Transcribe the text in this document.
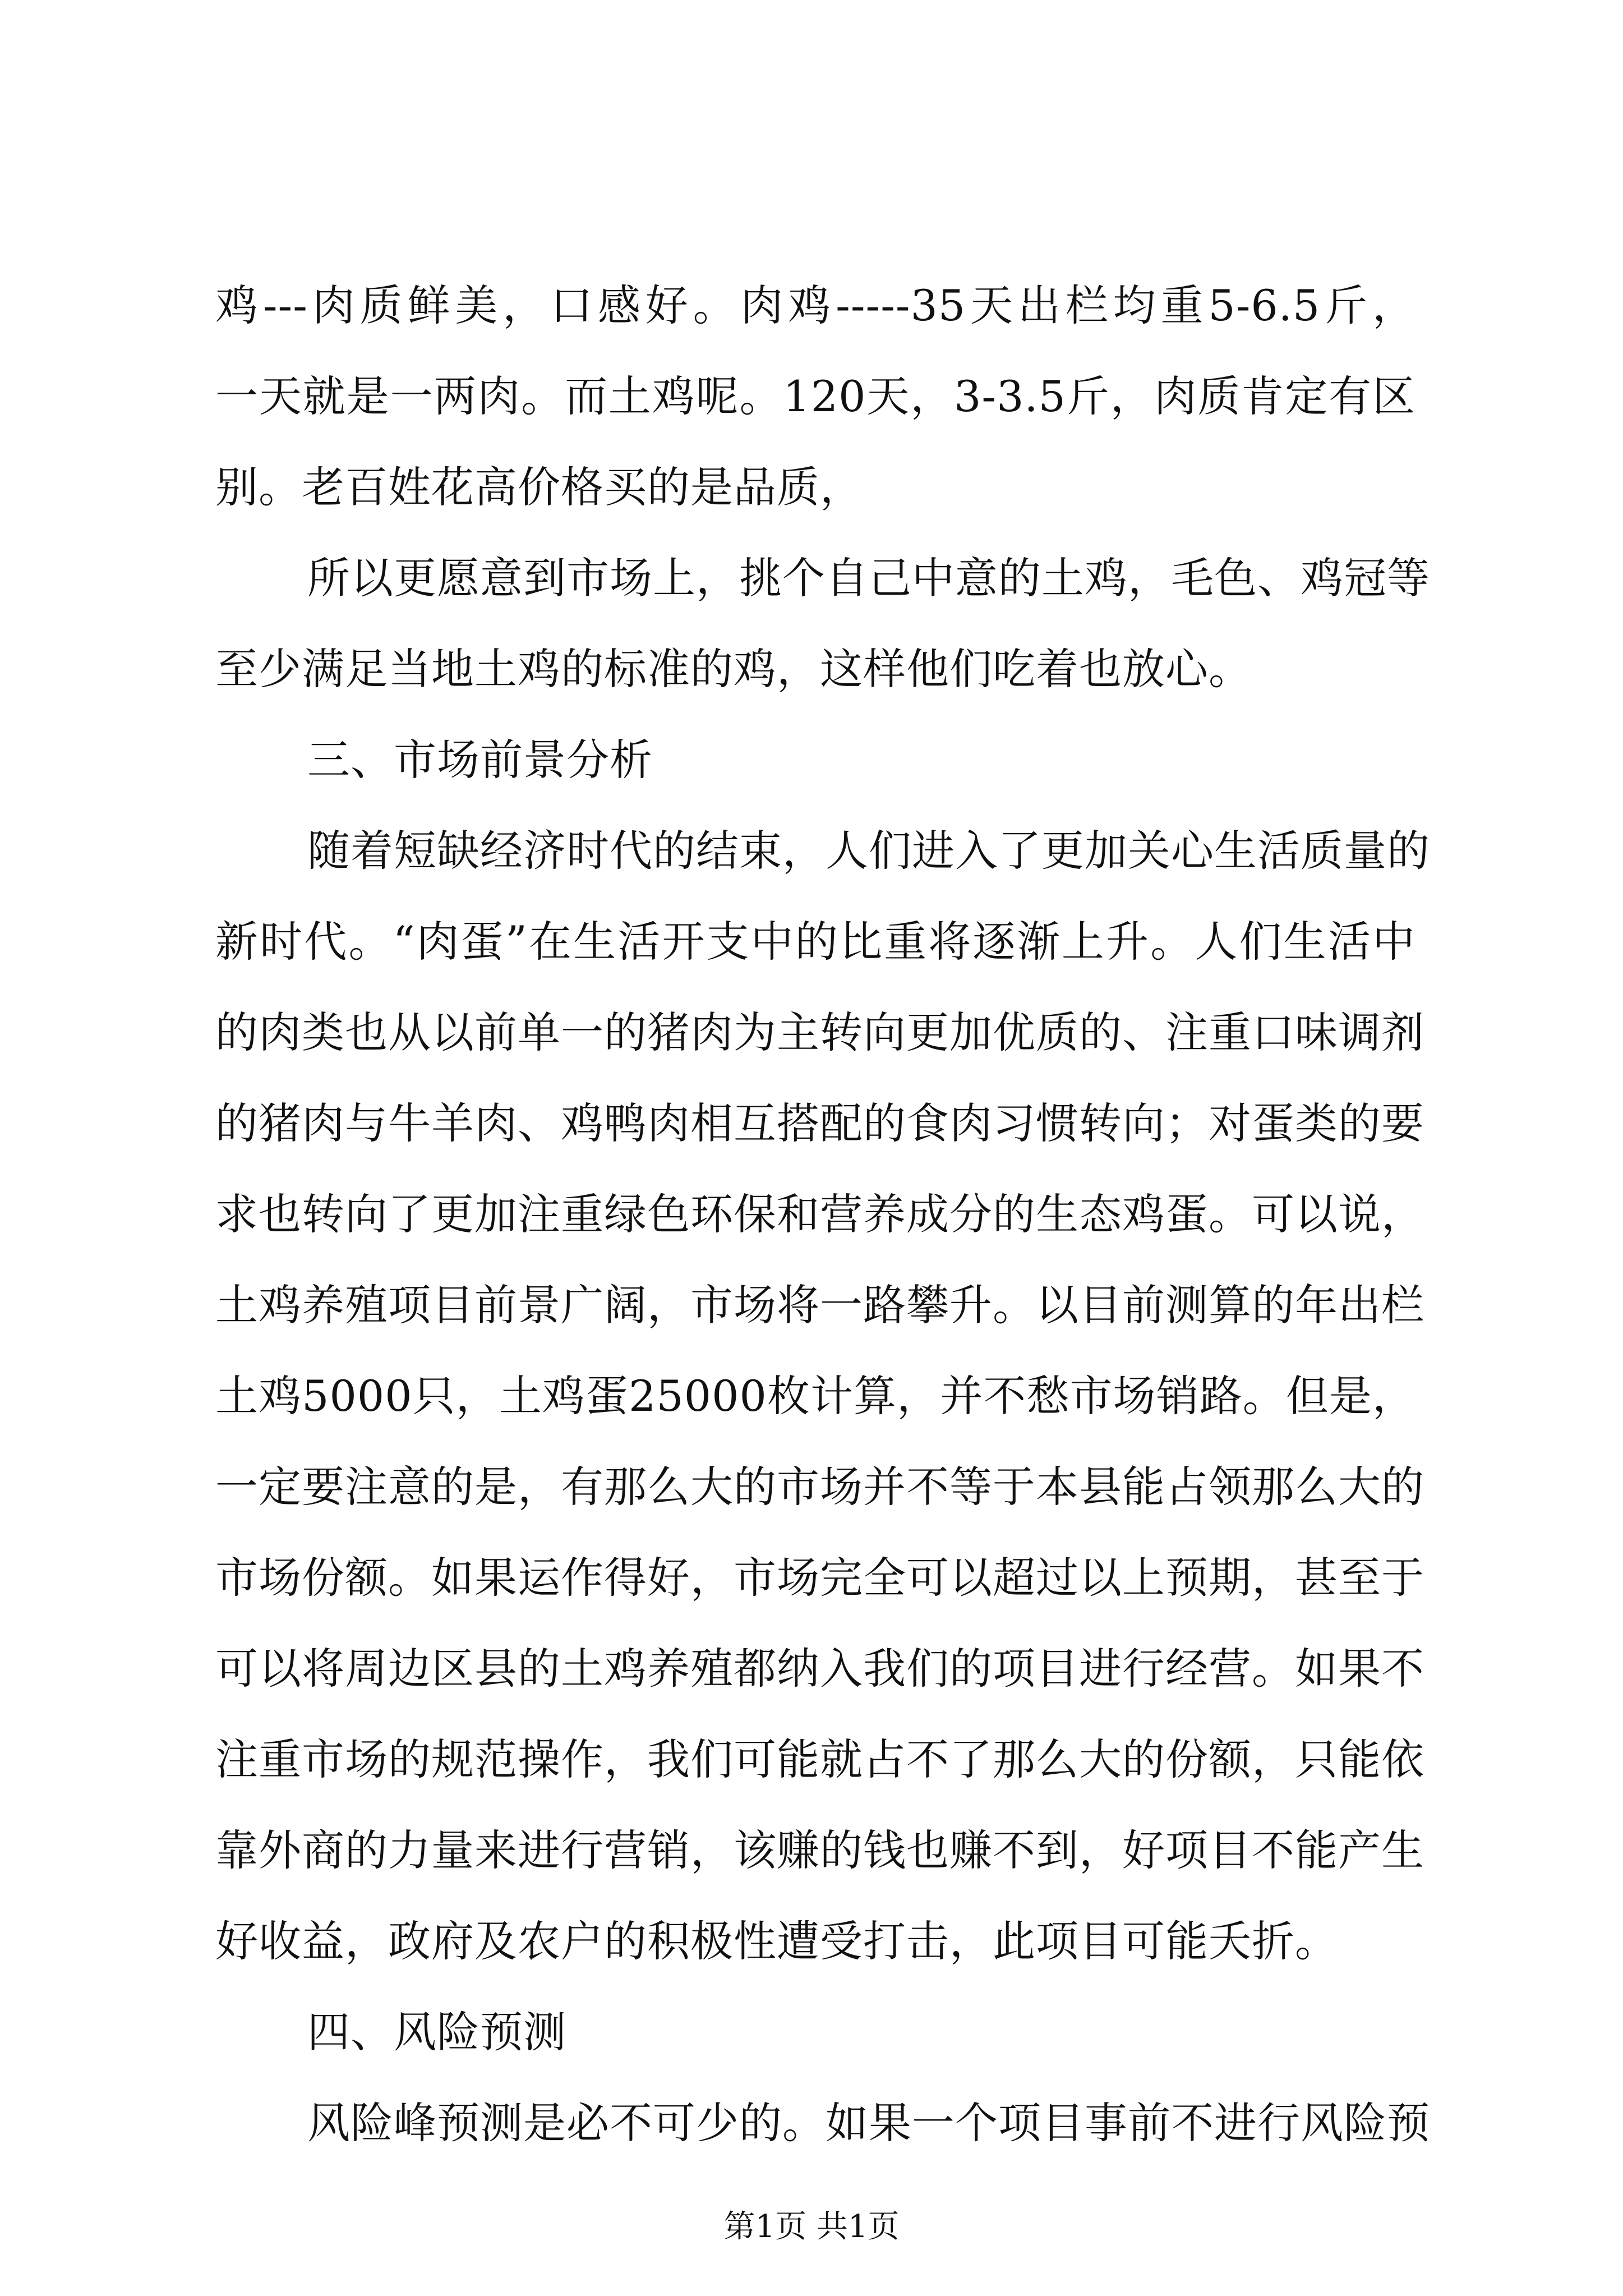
鸡---肉质鲜美，口感好。肉鸡-----35天出栏均重5-6.5斤，
一天就是一两肉。而土鸡呢。120天，3-3.5斤，肉质肯定有区
别。老百姓花高价格买的是品质，
所以更愿意到市场上，挑个自己中意的土鸡，毛色、鸡冠等
至少满足当地土鸡的标准的鸡，这样他们吃着也放心。
三、市场前景分析
随着短缺经济时代的结束，人们进入了更加关心生活质量的
新时代。“肉蛋”在生活开支中的比重将逐渐上升。人们生活中
的肉类也从以前单一的猪肉为主转向更加优质的、注重口味调剂
的猪肉与牛羊肉、鸡鸭肉相互搭配的食肉习惯转向；对蛋类的要
求也转向了更加注重绿色环保和营养成分的生态鸡蛋。可以说，
土鸡养殖项目前景广阔，市场将一路攀升。以目前测算的年出栏
土鸡5000只，土鸡蛋25000枚计算，并不愁市场销路。但是，
一定要注意的是，有那么大的市场并不等于本县能占领那么大的
市场份额。如果运作得好，市场完全可以超过以上预期，甚至于
可以将周边区县的土鸡养殖都纳入我们的项目进行经营。如果不
注重市场的规范操作，我们可能就占不了那么大的份额，只能依
靠外商的力量来进行营销，该赚的钱也赚不到，好项目不能产生
好收益，政府及农户的积极性遭受打击，此项目可能夭折。
四、风险预测
风险峰预测是必不可少的。如果一个项目事前不进行风险预
第1页 共1页
